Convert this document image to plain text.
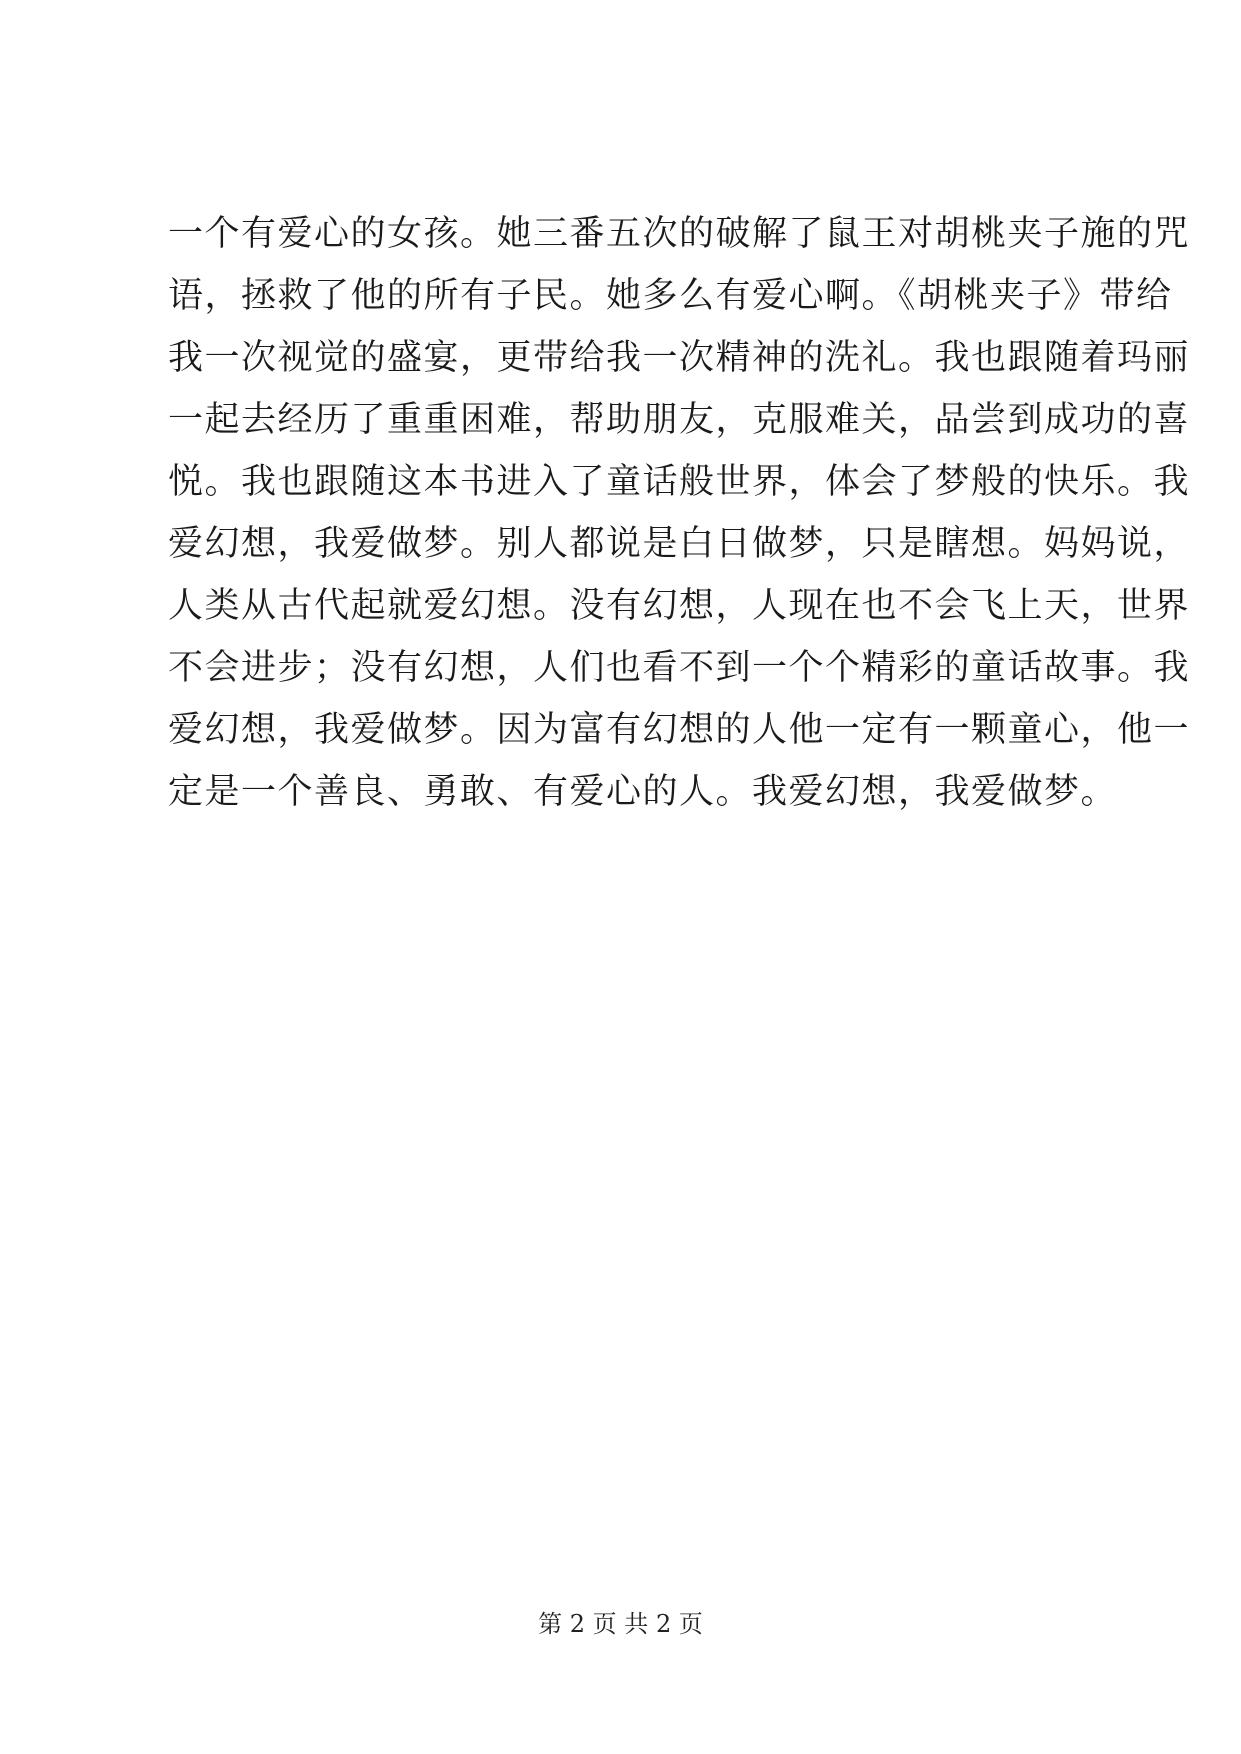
一个有爱心的女孩。她三番五次的破解了鼠王对胡桃夹子施的咒
语，拯救了他的所有子民。她多么有爱心啊。《胡桃夹子》带给
我一次视觉的盛宴，更带给我一次精神的洗礼。我也跟随着玛丽
一起去经历了重重困难，帮助朋友，克服难关，品尝到成功的喜
悦。我也跟随这本书进入了童话般世界，体会了梦般的快乐。我
爱幻想，我爱做梦。别人都说是白日做梦，只是瞎想。妈妈说，
人类从古代起就爱幻想。没有幻想，人现在也不会飞上天，世界
不会进步；没有幻想，人们也看不到一个个精彩的童话故事。我
爱幻想，我爱做梦。因为富有幻想的人他一定有一颗童心，他一
定是一个善良、勇敢、有爱心的人。我爱幻想，我爱做梦。
第 2 页 共 2 页
